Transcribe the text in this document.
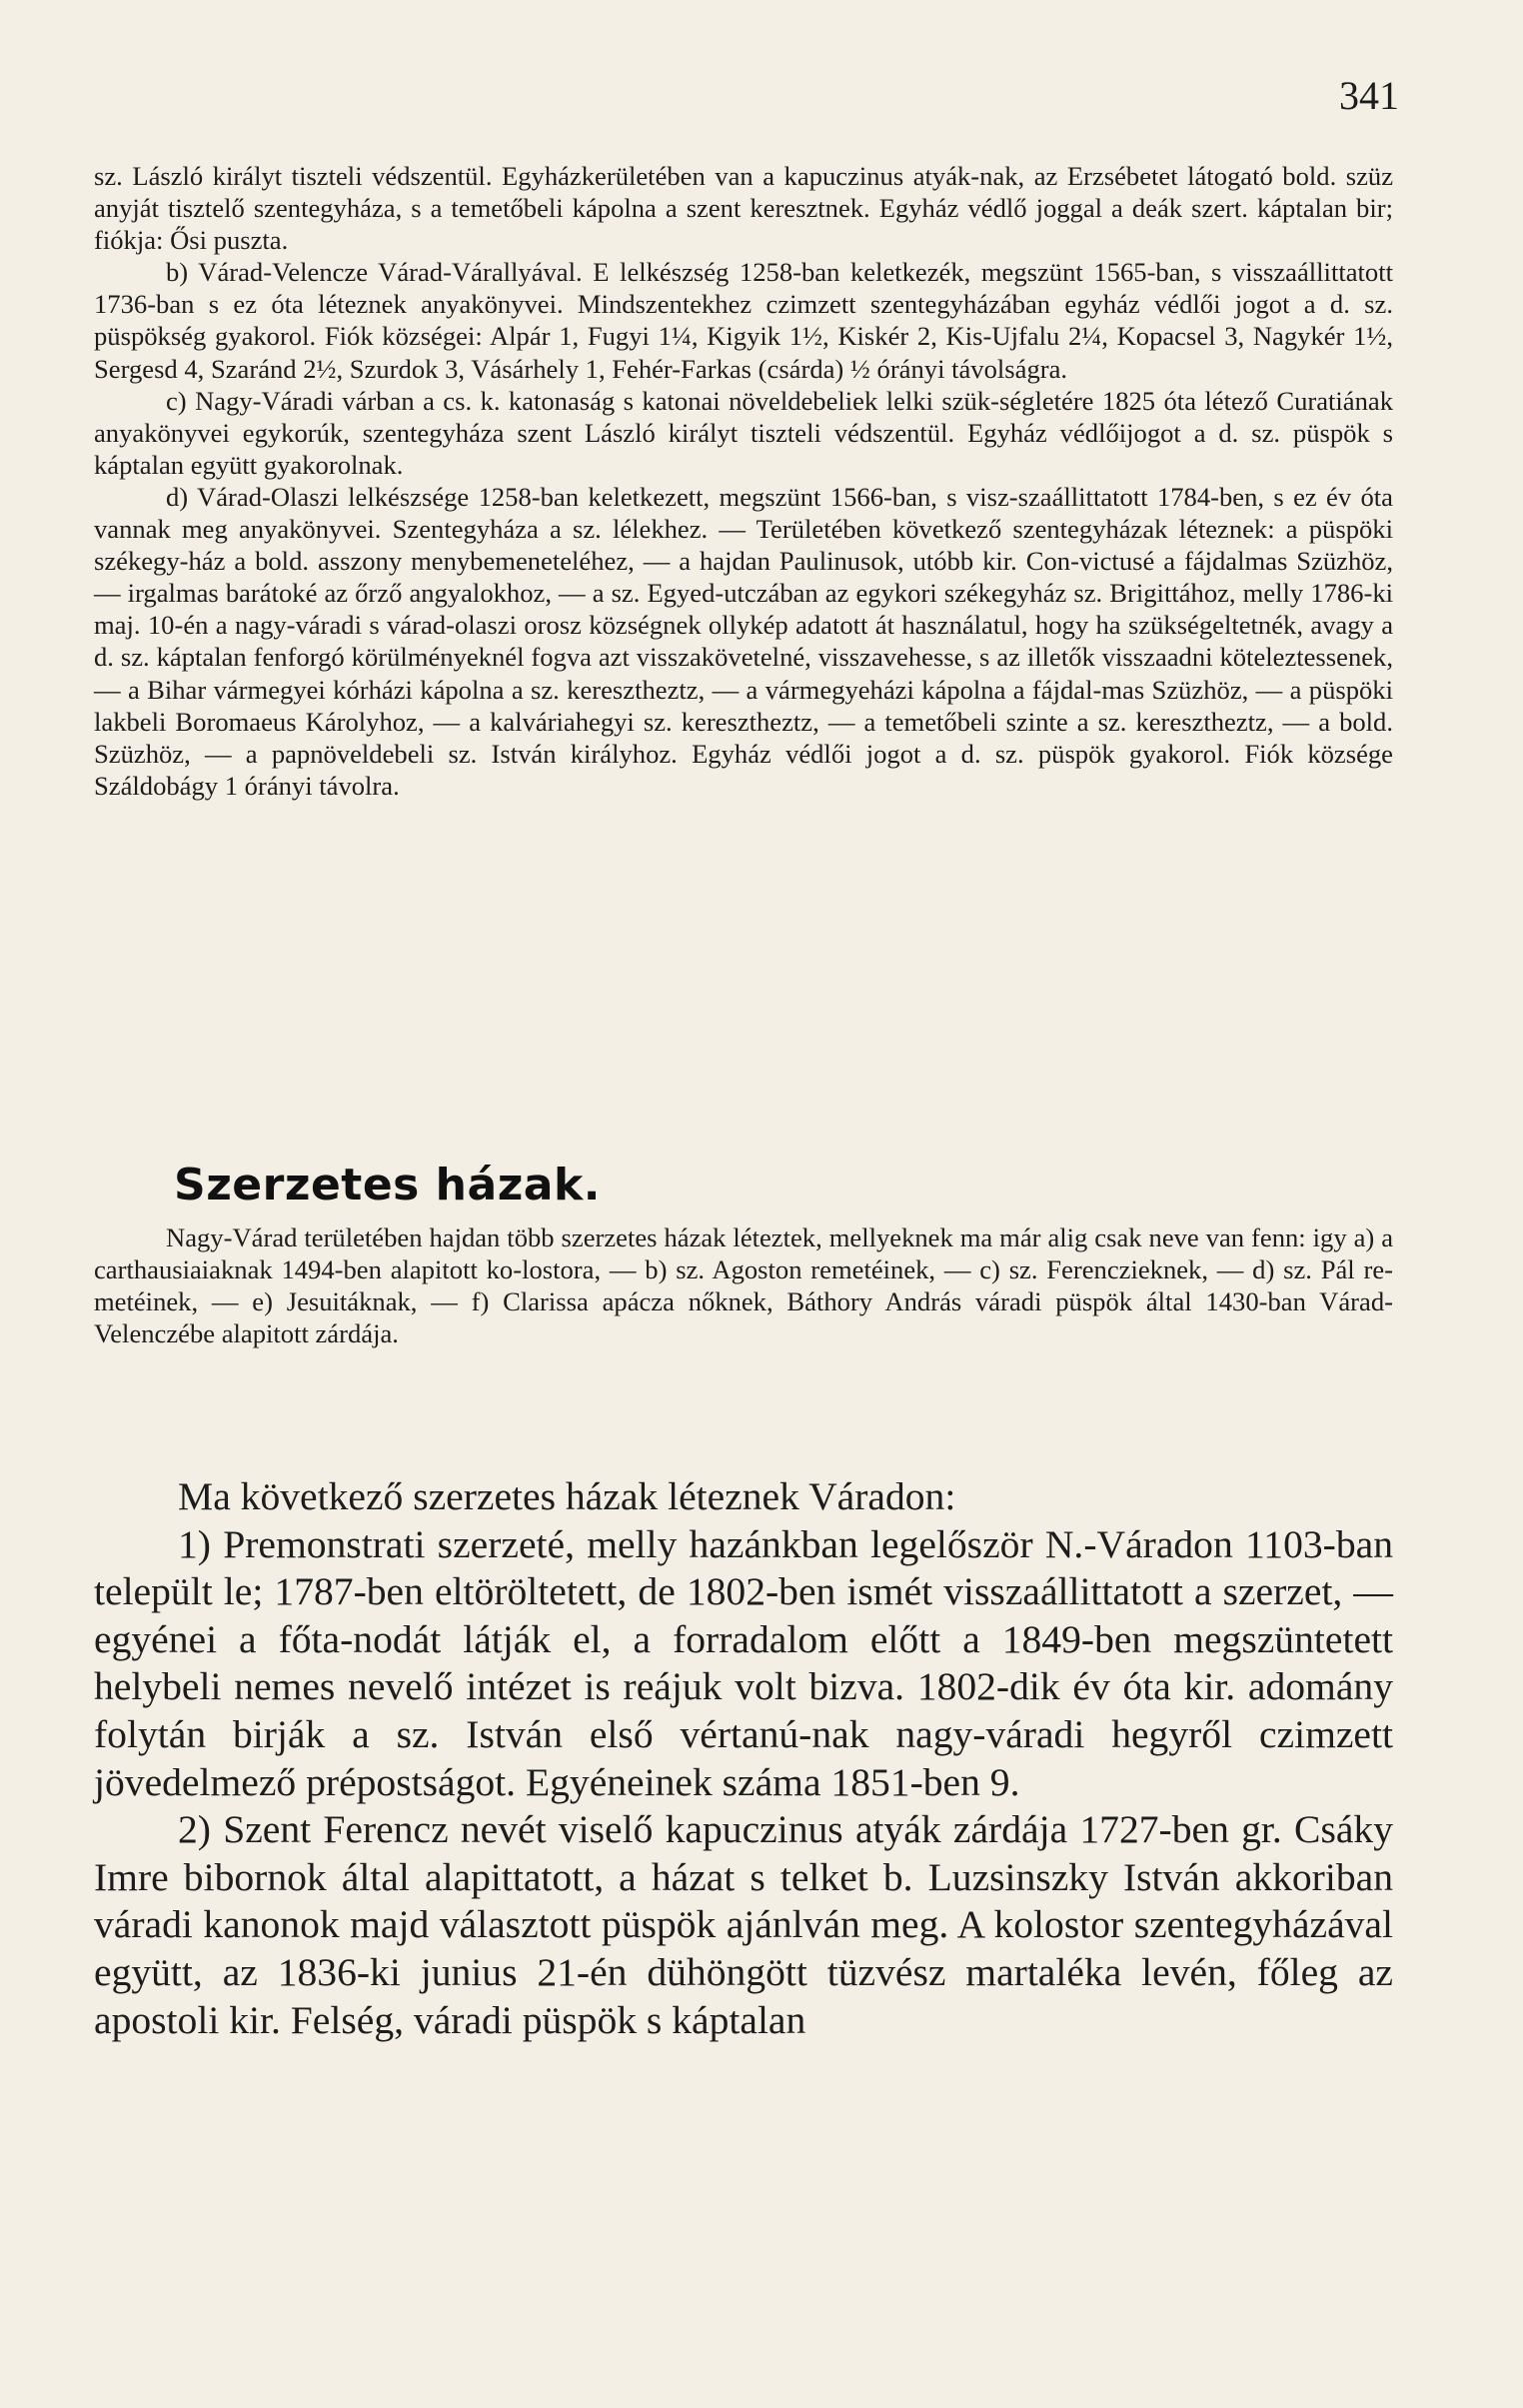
341

sz. László királyt tiszteli védszentül. Egyházkerületében van a kapuczinus atyák-nak, az Erzsébetet látogató bold. szüz anyját tisztelő szentegyháza, s a temetőbeli kápolna a szent keresztnek. Egyház védlő joggal a deák szert. káptalan bir; fiókja: Ősi puszta.

b) Várad-Velencze Várad-Várallyával. E lelkészség 1258-ban keletkezék, megszünt 1565-ban, s visszaállittatott 1736-ban s ez óta léteznek anyakönyvei. Mindszentekhez czimzett szentegyházában egyház védlői jogot a d. sz. püspökség gyakorol. Fiók községei: Alpár 1, Fugyi 1¼, Kigyik 1½, Kiskér 2, Kis-Ujfalu 2¼, Kopacsel 3, Nagykér 1½, Sergesd 4, Szaránd 2½, Szurdok 3, Vásárhely 1, Fehér-Farkas (csárda) ½ órányi távolságra.

c) Nagy-Váradi várban a cs. k. katonaság s katonai növeldebeliek lelki szük-ségletére 1825 óta létező Curatiának anyakönyvei egykorúk, szentegyháza szent László királyt tiszteli védszentül. Egyház védlőijogot a d. sz. püspök s káptalan együtt gyakorolnak.

d) Várad-Olaszi lelkészsége 1258-ban keletkezett, megszünt 1566-ban, s visz-szaállittatott 1784-ben, s ez év óta vannak meg anyakönyvei. Szentegyháza a sz. lélekhez. — Területében következő szentegyházak léteznek: a püspöki székegy-ház a bold. asszony menybemeneteléhez, — a hajdan Paulinusok, utóbb kir. Con-victusé a fájdalmas Szüzhöz, — irgalmas barátoké az őrző angyalokhoz, — a sz. Egyed-utczában az egykori székegyház sz. Brigittához, melly 1786-ki maj. 10-én a nagy-váradi s várad-olaszi orosz községnek ollykép adatott át használatul, hogy ha szükségeltetnék, avagy a d. sz. káptalan fenforgó körülményeknél fogva azt visszakövetelné, visszavehesse, s az illetők visszaadni köteleztessenek, — a Bihar vármegyei kórházi kápolna a sz. keresztheztz, — a vármegyeházi kápolna a fájdal-mas Szüzhöz, — a püspöki lakbeli Boromaeus Károlyhoz, — a kalváriahegyi sz. keresztheztz, — a temetőbeli szinte a sz. keresztheztz, — a bold. Szüzhöz, — a papnöveldebeli sz. István királyhoz. Egyház védlői jogot a d. sz. püspök gyakorol. Fiók községe Száldobágy 1 órányi távolra.

Szerzetes házak.

Nagy-Várad területében hajdan több szerzetes házak léteztek, mellyeknek ma már alig csak neve van fenn: igy a) a carthausiaiaknak 1494-ben alapitott ko-lostora, — b) sz. Agoston remetéinek, — c) sz. Ferenczieknek, — d) sz. Pál re-metéinek, — e) Jesuitáknak, — f) Clarissa apácza nőknek, Báthory András váradi püspök által 1430-ban Várad-Velenczébe alapitott zárdája.

Ma következő szerzetes házak léteznek Váradon:

1) Premonstrati szerzeté, melly hazánkban legelőször N.-Váradon 1103-ban települt le; 1787-ben eltöröltetett, de 1802-ben ismét visszaállittatott a szerzet, — egyénei a főta-nodát látják el, a forradalom előtt a 1849-ben megszüntetett helybeli nemes nevelő intézet is reájuk volt bizva. 1802-dik év óta kir. adomány folytán birják a sz. István első vértanú-nak nagy-váradi hegyről czimzett jövedelmező prépostságot. Egyéneinek száma 1851-ben 9.

2) Szent Ferencz nevét viselő kapuczinus atyák zárdája 1727-ben gr. Csáky Imre bibornok által alapittatott, a házat s telket b. Luzsinszky István akkoriban váradi kanonok majd választott püspök ajánlván meg. A kolostor szentegyházával együtt, az 1836-ki junius 21-én dühöngött tüzvész martaléka levén, főleg az apostoli kir. Felség, váradi püspök s káptalan
